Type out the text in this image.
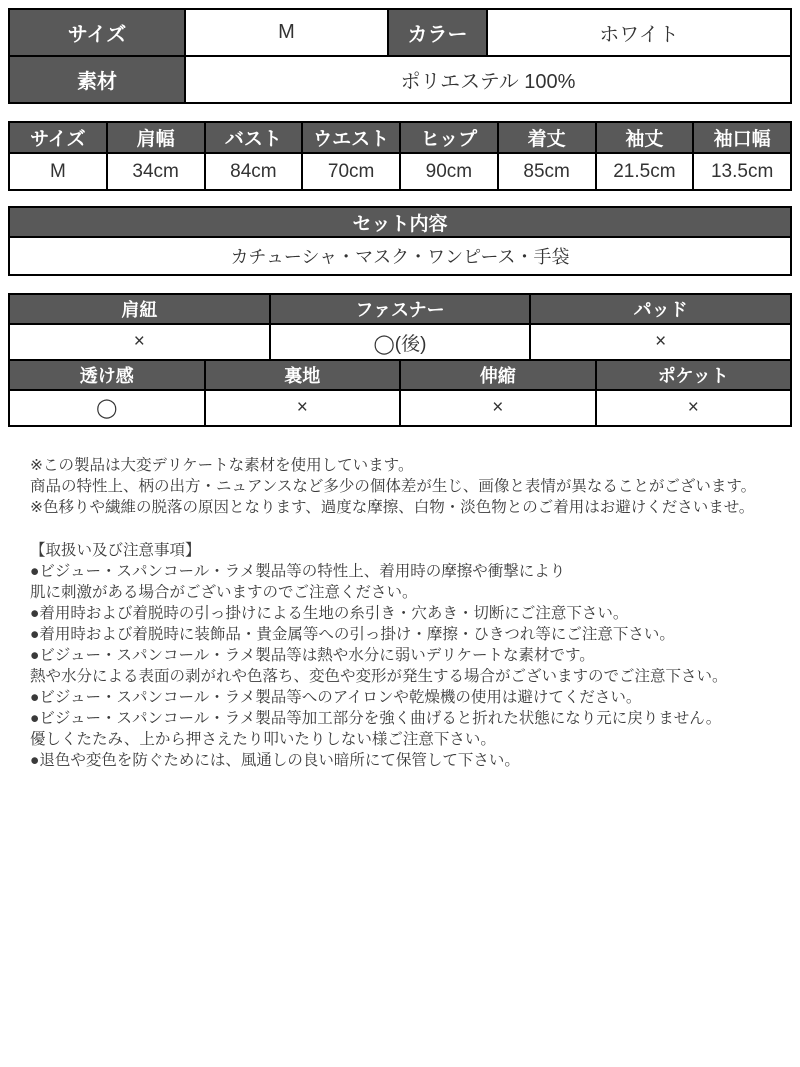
サイズ	M	カラー	ホワイト
素材	ポリエステル 100%		
サイズ	肩幅	バスト	ウエスト	ヒップ	着丈	袖丈	袖口幅
M	34cm	84cm	70cm	90cm	85cm	21.5cm	13.5cm
セット内容
カチューシャ・マスク・ワンピース・手袋
肩紐	ファスナー	パッド
×	◯(後)	×
透け感	裏地	伸縮	ポケット
◯	×	×	×
※この製品は大変デリケートな素材を使用しています。
商品の特性上、柄の出方・ニュアンスなど多少の個体差が生じ、画像と表情が異なることがございます。
※色移りや繊維の脱落の原因となります、過度な摩擦、白物・淡色物とのご着用はお避けくださいませ。
【取扱い及び注意事項】
●ビジュー・スパンコール・ラメ製品等の特性上、着用時の摩擦や衝撃により
肌に刺激がある場合がございますのでご注意ください。
●着用時および着脱時の引っ掛けによる生地の糸引き・穴あき・切断にご注意下さい。
●着用時および着脱時に装飾品・貴金属等への引っ掛け・摩擦・ひきつれ等にご注意下さい。
●ビジュー・スパンコール・ラメ製品等は熱や水分に弱いデリケートな素材です。
熱や水分による表面の剥がれや色落ち、変色や変形が発生する場合がございますのでご注意下さい。
●ビジュー・スパンコール・ラメ製品等へのアイロンや乾燥機の使用は避けてください。
●ビジュー・スパンコール・ラメ製品等加工部分を強く曲げると折れた状態になり元に戻りません。
優しくたたみ、上から押さえたり叩いたりしない様ご注意下さい。
●退色や変色を防ぐためには、風通しの良い暗所にて保管して下さい。
